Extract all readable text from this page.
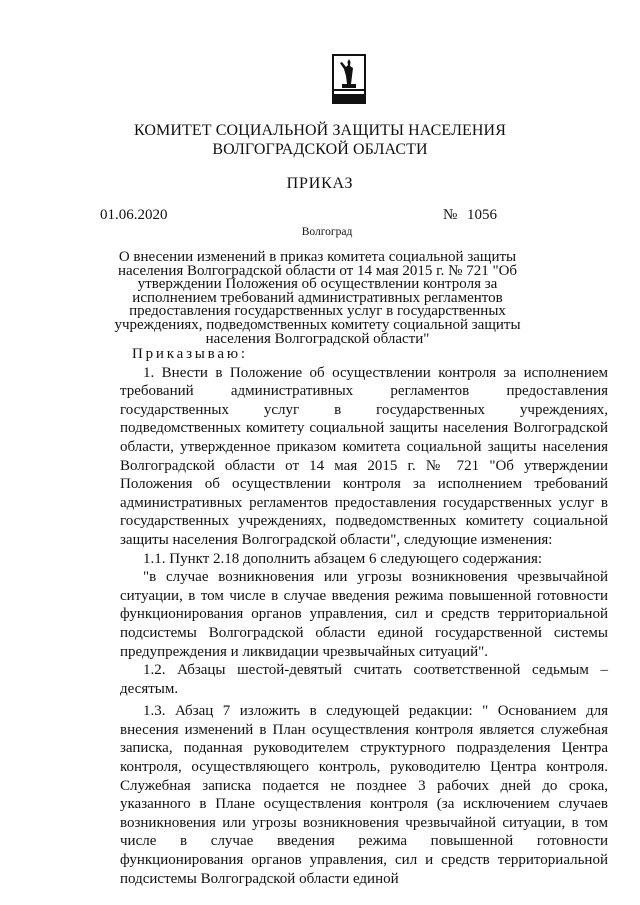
КОМИТЕТ СОЦИАЛЬНОЙ ЗАЩИТЫ НАСЕЛЕНИЯ
ВОЛГОГРАДСКОЙ ОБЛАСТИ
ПРИКАЗ
01.06.2020	№ 1056
Волгоград
О внесении изменений в приказ комитета социальной защиты населения Волгоградской области от 14 мая 2015 г. № 721 "Об утверждении Положения об осуществлении контроля за исполнением требований административных регламентов предоставления государственных услуг в государственных учреждениях, подведомственных комитету социальной защиты населения Волгоградской области"

Приказываю:

1. Внести в Положение об осуществлении контроля за исполнением требований административных регламентов предоставления государственных услуг в государственных учреждениях, подведомственных комитету социальной защиты населения Волгоградской области, утвержденное приказом комитета социальной защиты населения Волгоградской области от 14 мая 2015 г. № 721 "Об утверждении Положения об осуществлении контроля за исполнением требований административных регламентов предоставления государственных услуг в государственных учреждениях, подведомственных комитету социальной защиты населения Волгоградской области", следующие изменения:

1.1. Пункт 2.18 дополнить абзацем 6 следующего содержания:

"в случае возникновения или угрозы возникновения чрезвычайной ситуации, в том числе в случае введения режима повышенной готовности функционирования органов управления, сил и средств территориальной подсистемы Волгоградской области единой государственной системы предупреждения и ликвидации чрезвычайных ситуаций".

1.2. Абзацы шестой-девятый считать соответственной седьмым – десятым.

1.3. Абзац 7 изложить в следующей редакции: " Основанием для внесения изменений в План осуществления контроля является служебная записка, поданная руководителем структурного подразделения Центра контроля, осуществляющего контроль, руководителю Центра контроля. Служебная записка подается не позднее 3 рабочих дней до срока, указанного в Плане осуществления контроля (за исключением случаев возникновения или угрозы возникновения чрезвычайной ситуации, в том числе в случае введения режима повышенной готовности функционирования органов управления, сил и средств территориальной подсистемы Волгоградской области единой
